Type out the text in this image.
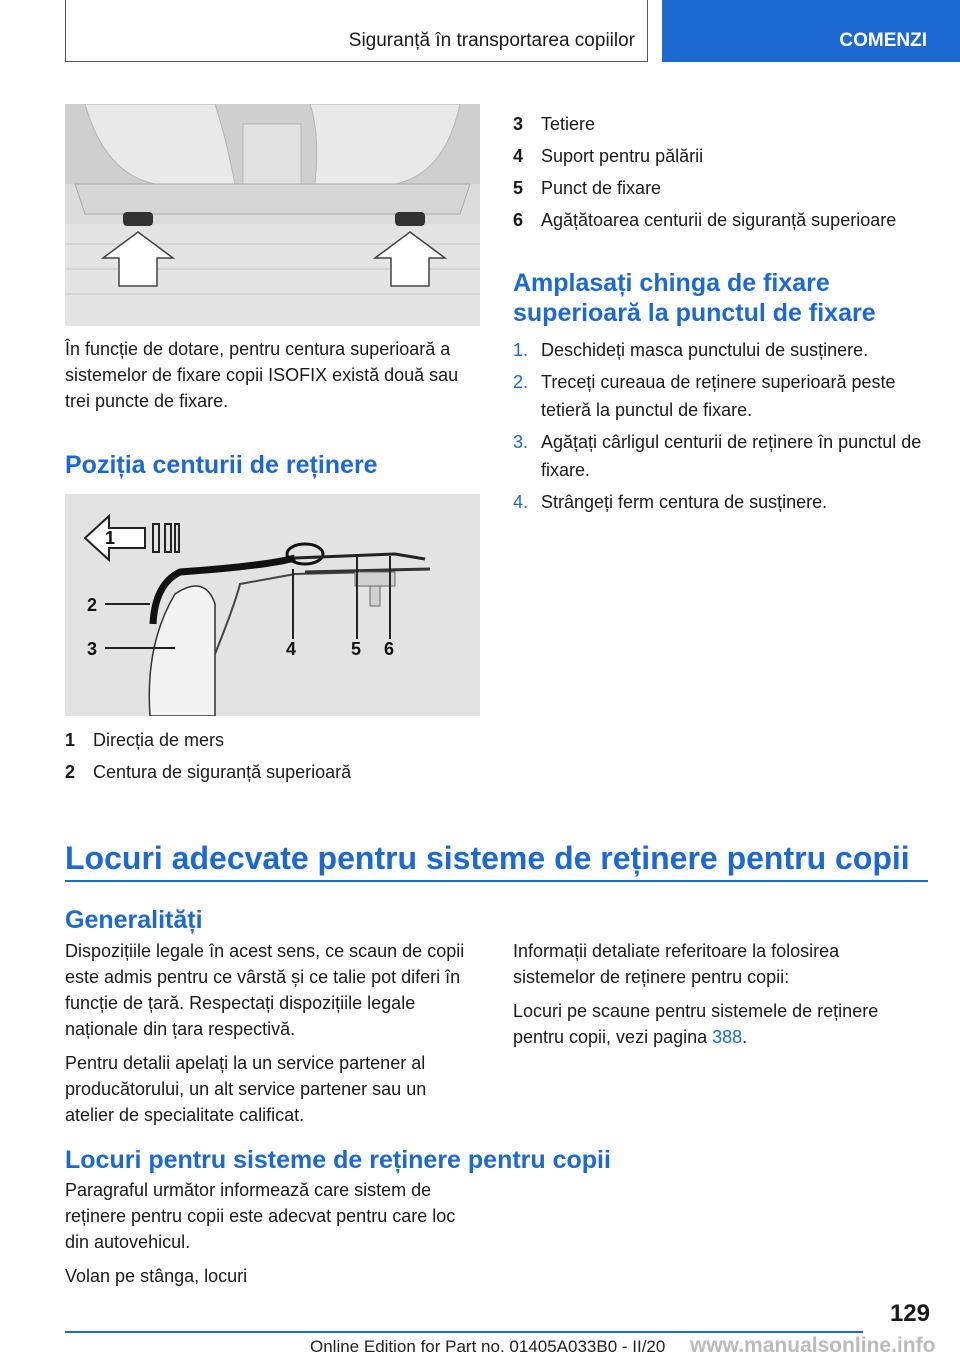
Siguranță în transportarea copiilor	COMENZI

În funcție de dotare, pentru centura superioară a sistemelor de fixare copii ISOFIX există două sau trei puncte de fixare.

Poziția centurii de reținere
1
2
3	4	5 6
1 Direcția de mers
2 Centura de siguranță superioară
3 Tetiere
4 Suport pentru pălării
5 Punct de fixare
6 Agățătoarea centurii de siguranță superioare
Amplasați chinga de fixare
superioară la punctul de fixare
1. Deschideți masca punctului de susținere.
2. Treceți cureaua de reținere superioară peste tetieră la punctul de fixare.
3. Agățați cârligul centurii de reținere în punctul de fixare.
4. Strângeți ferm centura de susținere.
Locuri adecvate pentru sisteme de reținere pentru copii
Generalități

Dispozițiile legale în acest sens, ce scaun de copii este admis pentru ce vârstă și ce talie pot diferi în funcție de țară. Respectați dispozițiile legale naționale din țara respectivă.

Pentru detalii apelați la un service partener al producătorului, un alt service partener sau un atelier de specialitate calificat.

Informații detaliate referitoare la folosirea sistemelor de reținere pentru copii:

Locuri pe scaune pentru sistemele de reținere pentru copii, vezi pagina 388.

Locuri pentru sisteme de reținere pentru copii

Paragraful următor informează care sistem de reținere pentru copii este adecvat pentru care loc din autovehicul.

Volan pe stânga, locuri

129
Online Edition for Part no. 01405A033B0 - II/20 www.manualsonline.info
